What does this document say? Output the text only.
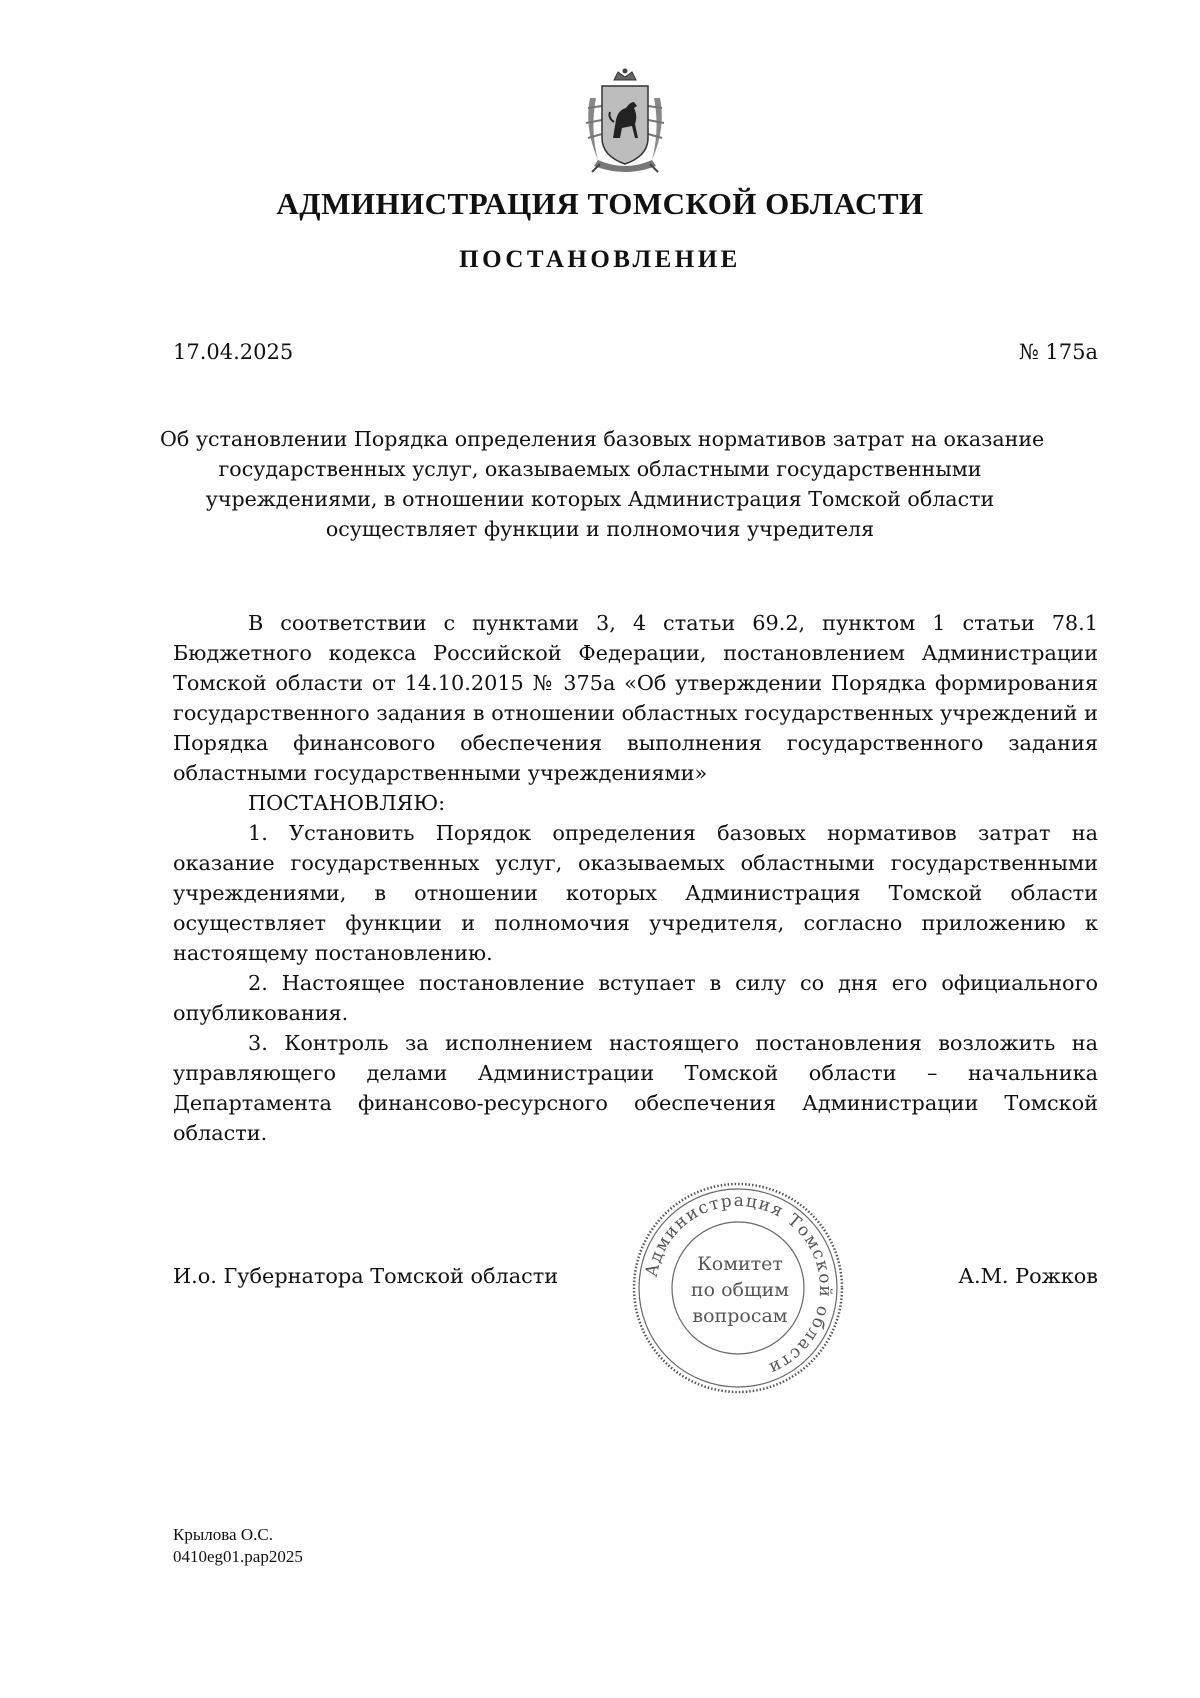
АДМИНИСТРАЦИЯ ТОМСКОЙ ОБЛАСТИ
ПОСТАНОВЛЕНИЕ
17.04.2025	№ 175а
Об установлении Порядка определения базовых нормативов затрат на оказание
государственных услуг, оказываемых областными государственными
учреждениями, в отношении которых Администрация Томской области
осуществляет функции и полномочия учредителя

В соответствии с пунктами 3, 4 статьи 69.2, пунктом 1 статьи 78.1 Бюджетного кодекса Российской Федерации, постановлением Администрации Томской области от 14.10.2015 № 375а «Об утверждении Порядка формирования государственного задания в отношении областных государственных учреждений и Порядка финансового обеспечения выполнения государственного задания областными государственными учреждениями»

ПОСТАНОВЛЯЮ:

1. Установить Порядок определения базовых нормативов затрат на оказание государственных услуг, оказываемых областными государственными учреждениями, в отношении которых Администрация Томской области осуществляет функции и полномочия учредителя, согласно приложению к настоящему постановлению.

2. Настоящее постановление вступает в силу со дня его официального опубликования.

3. Контроль за исполнением настоящего постановления возложить на управляющего делами Администрации Томской области – начальника Департамента финансово-ресурсного обеспечения Администрации Томской области.

И.о. Губернатора Томской области	А.М. Рожков
Администрация Томской области
Комитет
по общим
вопросам
Крылова О.С.
0410eg01.pap2025
